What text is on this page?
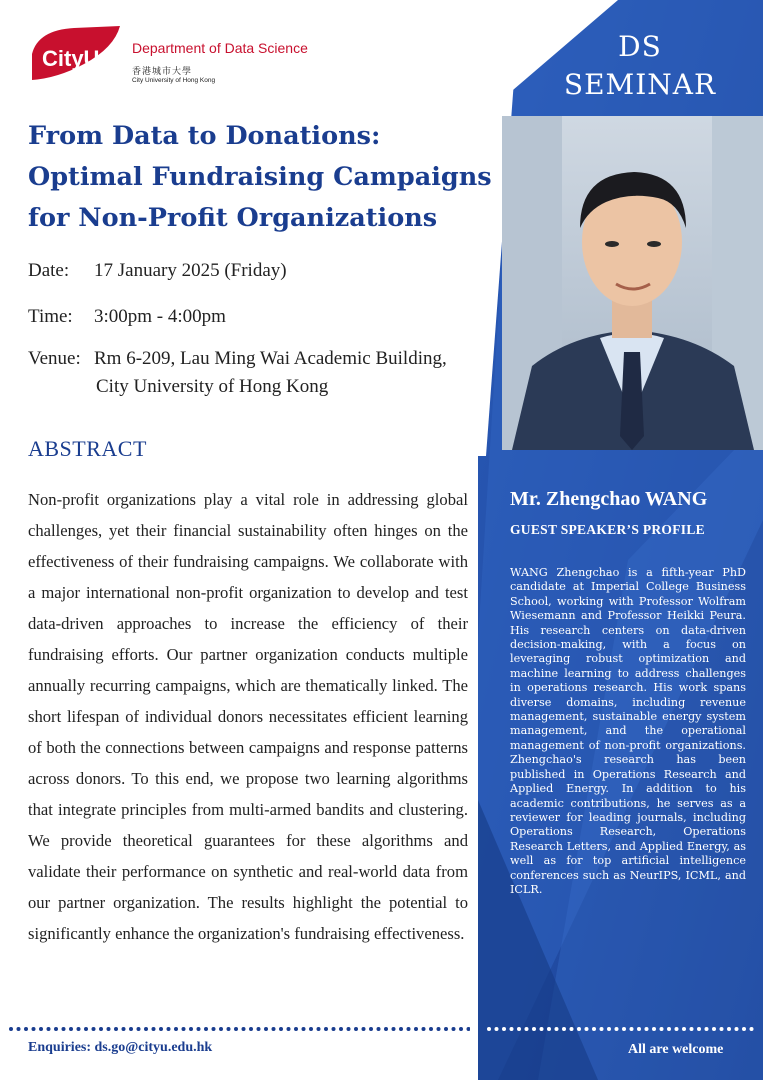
DS
SEMINAR
Mr. Zhengchao WANG
GUEST SPEAKER’S PROFILE
WANG Zhengchao is a fifth-year PhD candidate at Imperial College Business School, working with Professor Wolfram Wiesemann and Professor Heikki Peura. His research centers on data-driven decision-making, with a focus on leveraging robust optimization and machine learning to address challenges in operations research. His work spans diverse domains, including revenue management, sustainable energy system management, and the operational management of non-profit organizations. Zhengchao's research has been published in Operations Research and Applied Energy. In addition to his academic contributions, he serves as a reviewer for leading journals, including Operations Research, Operations Research Letters, and Applied Energy, as well as for top artificial intelligence conferences such as NeurIPS, ICML, and ICLR.
CityU Department of Data Science
香港城市大學
City University of Hong Kong
From Data to Donations:
Optimal Fundraising Campaigns
for Non-Profit Organizations
Date: 17 January 2025 (Friday)
Time: 3:00pm - 4:00pm
Venue: Rm 6-209, Lau Ming Wai Academic Building,
City University of Hong Kong
ABSTRACT
Non-profit organizations play a vital role in addressing global challenges, yet their financial sustainability often hinges on the effectiveness of their fundraising campaigns. We collaborate with a major international non-profit organization to develop and test data-driven approaches to increase the efficiency of their fundraising efforts. Our partner organization conducts multiple annually recurring campaigns, which are thematically linked. The short lifespan of individual donors necessitates efficient learning of both the connections between campaigns and response patterns across donors. To this end, we propose two learning algorithms that integrate principles from multi-armed bandits and clustering. We provide theoretical guarantees for these algorithms and validate their performance on synthetic and real-world data from our partner organization. The results highlight the potential to significantly enhance the organization's fundraising effectiveness.
Enquiries: ds.go@cityu.edu.hk	All are welcome
